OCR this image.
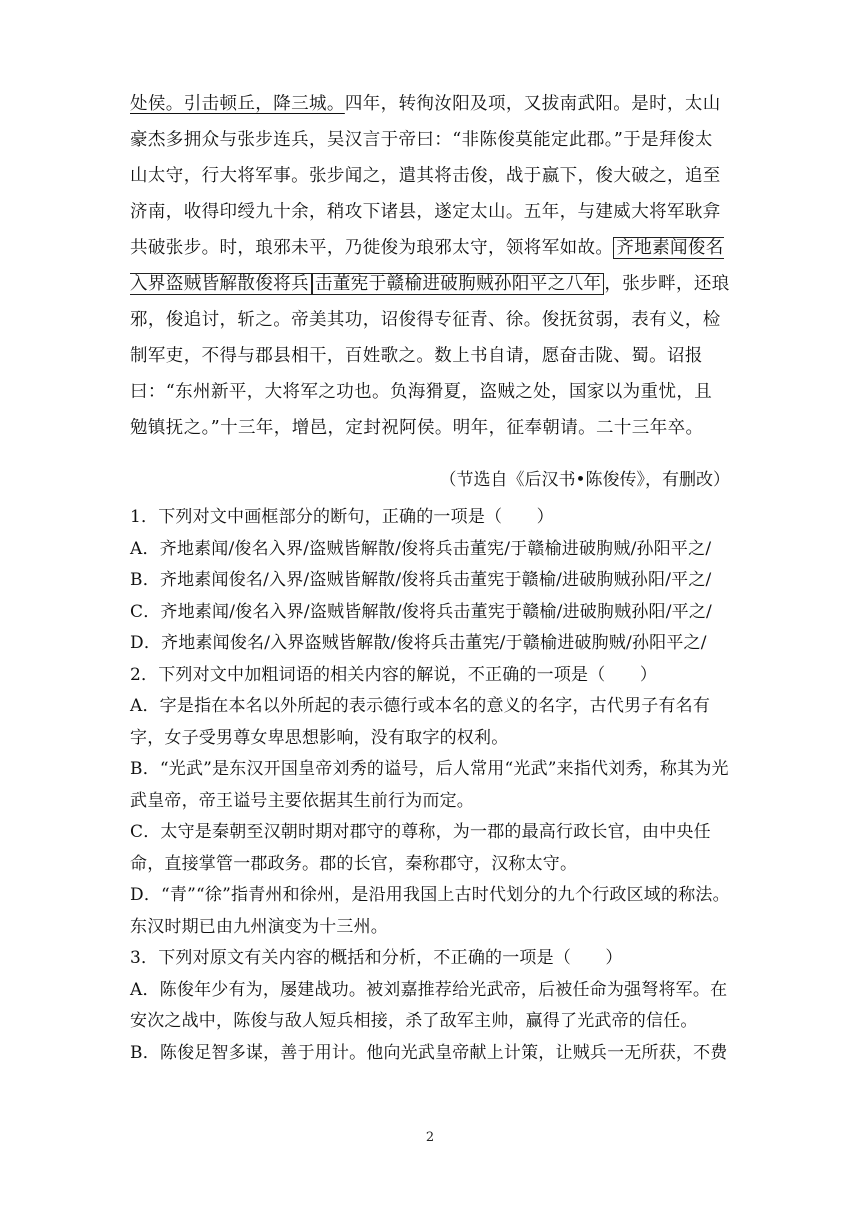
处侯。引击顿丘，降三城。四年，转徇汝阳及项，又拔南武阳。是时，太山豪杰多拥众与张步连兵，吴汉言于帝曰：“非陈俊莫能定此郡。”于是拜俊太山太守，行大将军事。张步闻之，遣其将击俊，战于嬴下，俊大破之，追至济南，收得印绶九十余，稍攻下诸县，遂定太山。五年，与建威大将军耿弇共破张步。时，琅邪未平，乃徙俊为琅邪太守，领将军如故。 齐地素闻俊名入界盗贼皆解散俊将兵 击董宪于赣榆进破朐贼孙阳平之八年 ，张步畔，还琅邪，俊追讨，斩之。帝美其功，诏俊得专征青、徐。俊抚贫弱，表有义，检制军吏，不得与郡县相干，百姓歌之。数上书自请，愿奋击陇、蜀。诏报曰：“东州新平，大将军之功也。负海猾夏，盗贼之处，国家以为重忧，且勉镇抚之。”十三年，增邑，定封祝阿侯。明年，征奉朝请。二十三年卒。

（节选自《后汉书•陈俊传》，有删改）

1．下列对文中画框部分的断句，正确的一项是（　　）

A．齐地素闻/俊名入界/盗贼皆解散/俊将兵击董宪/于赣榆进破朐贼/孙阳平之/

B．齐地素闻俊名/入界/盗贼皆解散/俊将兵击董宪于赣榆/进破朐贼孙阳/平之/

C．齐地素闻/俊名入界/盗贼皆解散/俊将兵击董宪于赣榆/进破朐贼孙阳/平之/

D．齐地素闻俊名/入界盗贼皆解散/俊将兵击董宪/于赣榆进破朐贼/孙阳平之/

2．下列对文中加粗词语的相关内容的解说，不正确的一项是（　　）

A．字是指在本名以外所起的表示德行或本名的意义的名字，古代男子有名有字，女子受男尊女卑思想影响，没有取字的权利。

B．“光武”是东汉开国皇帝刘秀的谥号，后人常用“光武”来指代刘秀，称其为光武皇帝，帝王谥号主要依据其生前行为而定。

C．太守是秦朝至汉朝时期对郡守的尊称，为一郡的最高行政长官，由中央任命，直接掌管一郡政务。郡的长官，秦称郡守，汉称太守。

D．“青”“徐”指青州和徐州，是沿用我国上古时代划分的九个行政区域的称法。东汉时期已由九州演变为十三州。

3．下列对原文有关内容的概括和分析，不正确的一项是（　　）

A．陈俊年少有为，屡建战功。被刘嘉推荐给光武帝，后被任命为强弩将军。在安次之战中，陈俊与敌人短兵相接，杀了敌军主帅，赢得了光武帝的信任。

B．陈俊足智多谋，善于用计。他向光武皇帝献上计策，让贼兵一无所获，不费

2
